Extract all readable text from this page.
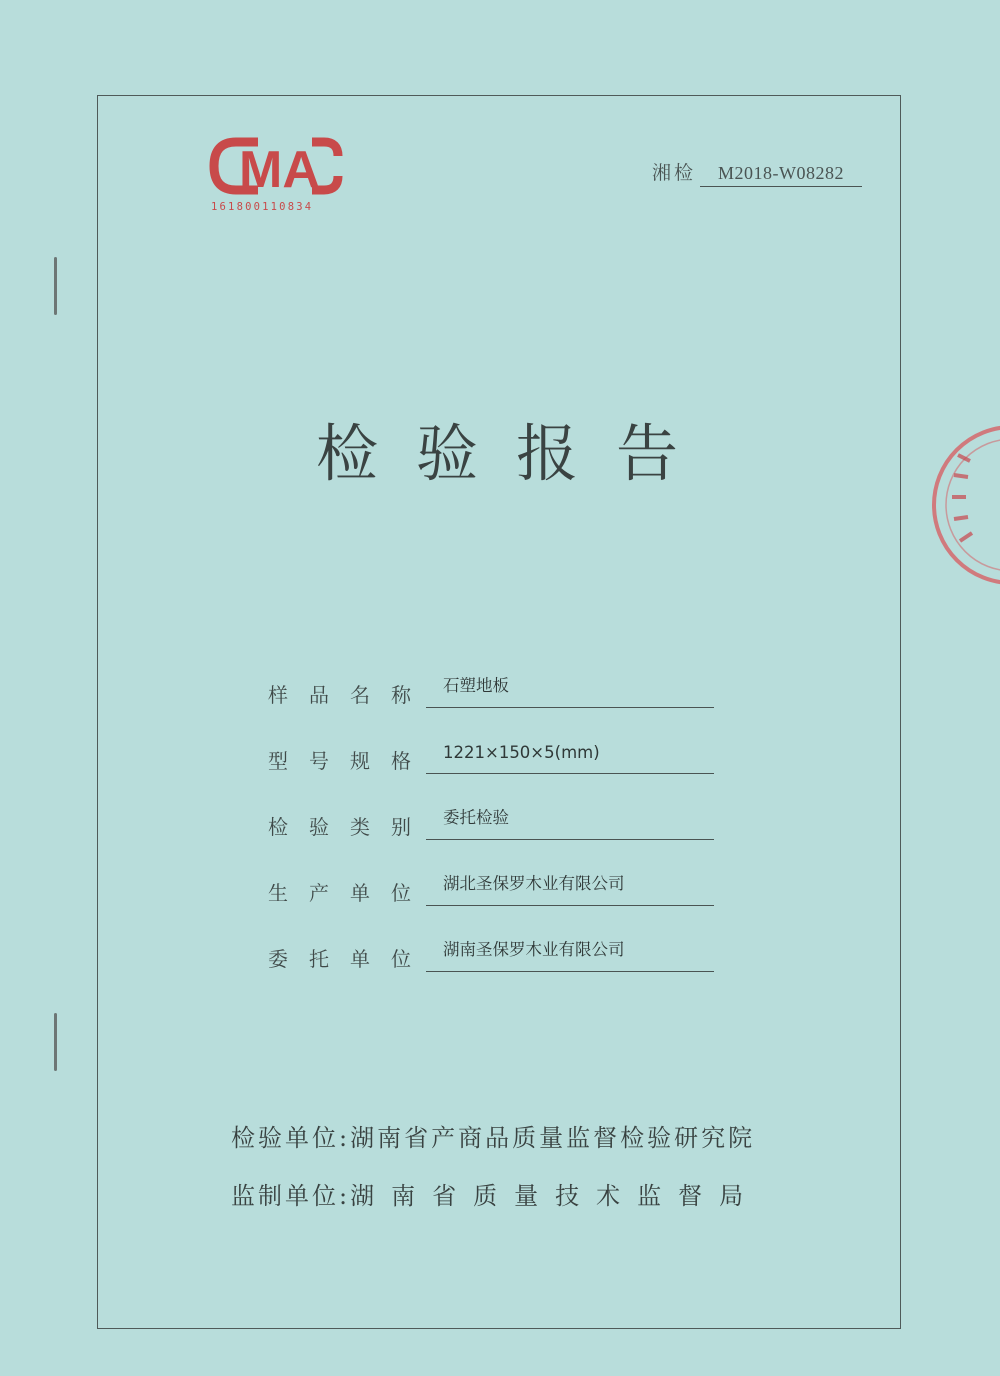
MA
161800110834
湘检 M2018-W08282
检验报告
样品名称 石塑地板
型号规格 1221×150×5(mm)
检验类别 委托检验
生产单位 湖北圣保罗木业有限公司
委托单位 湖南圣保罗木业有限公司
检验单位:湖南省产商品质量监督检验研究院
监制单位:湖南省质量技术监督局
